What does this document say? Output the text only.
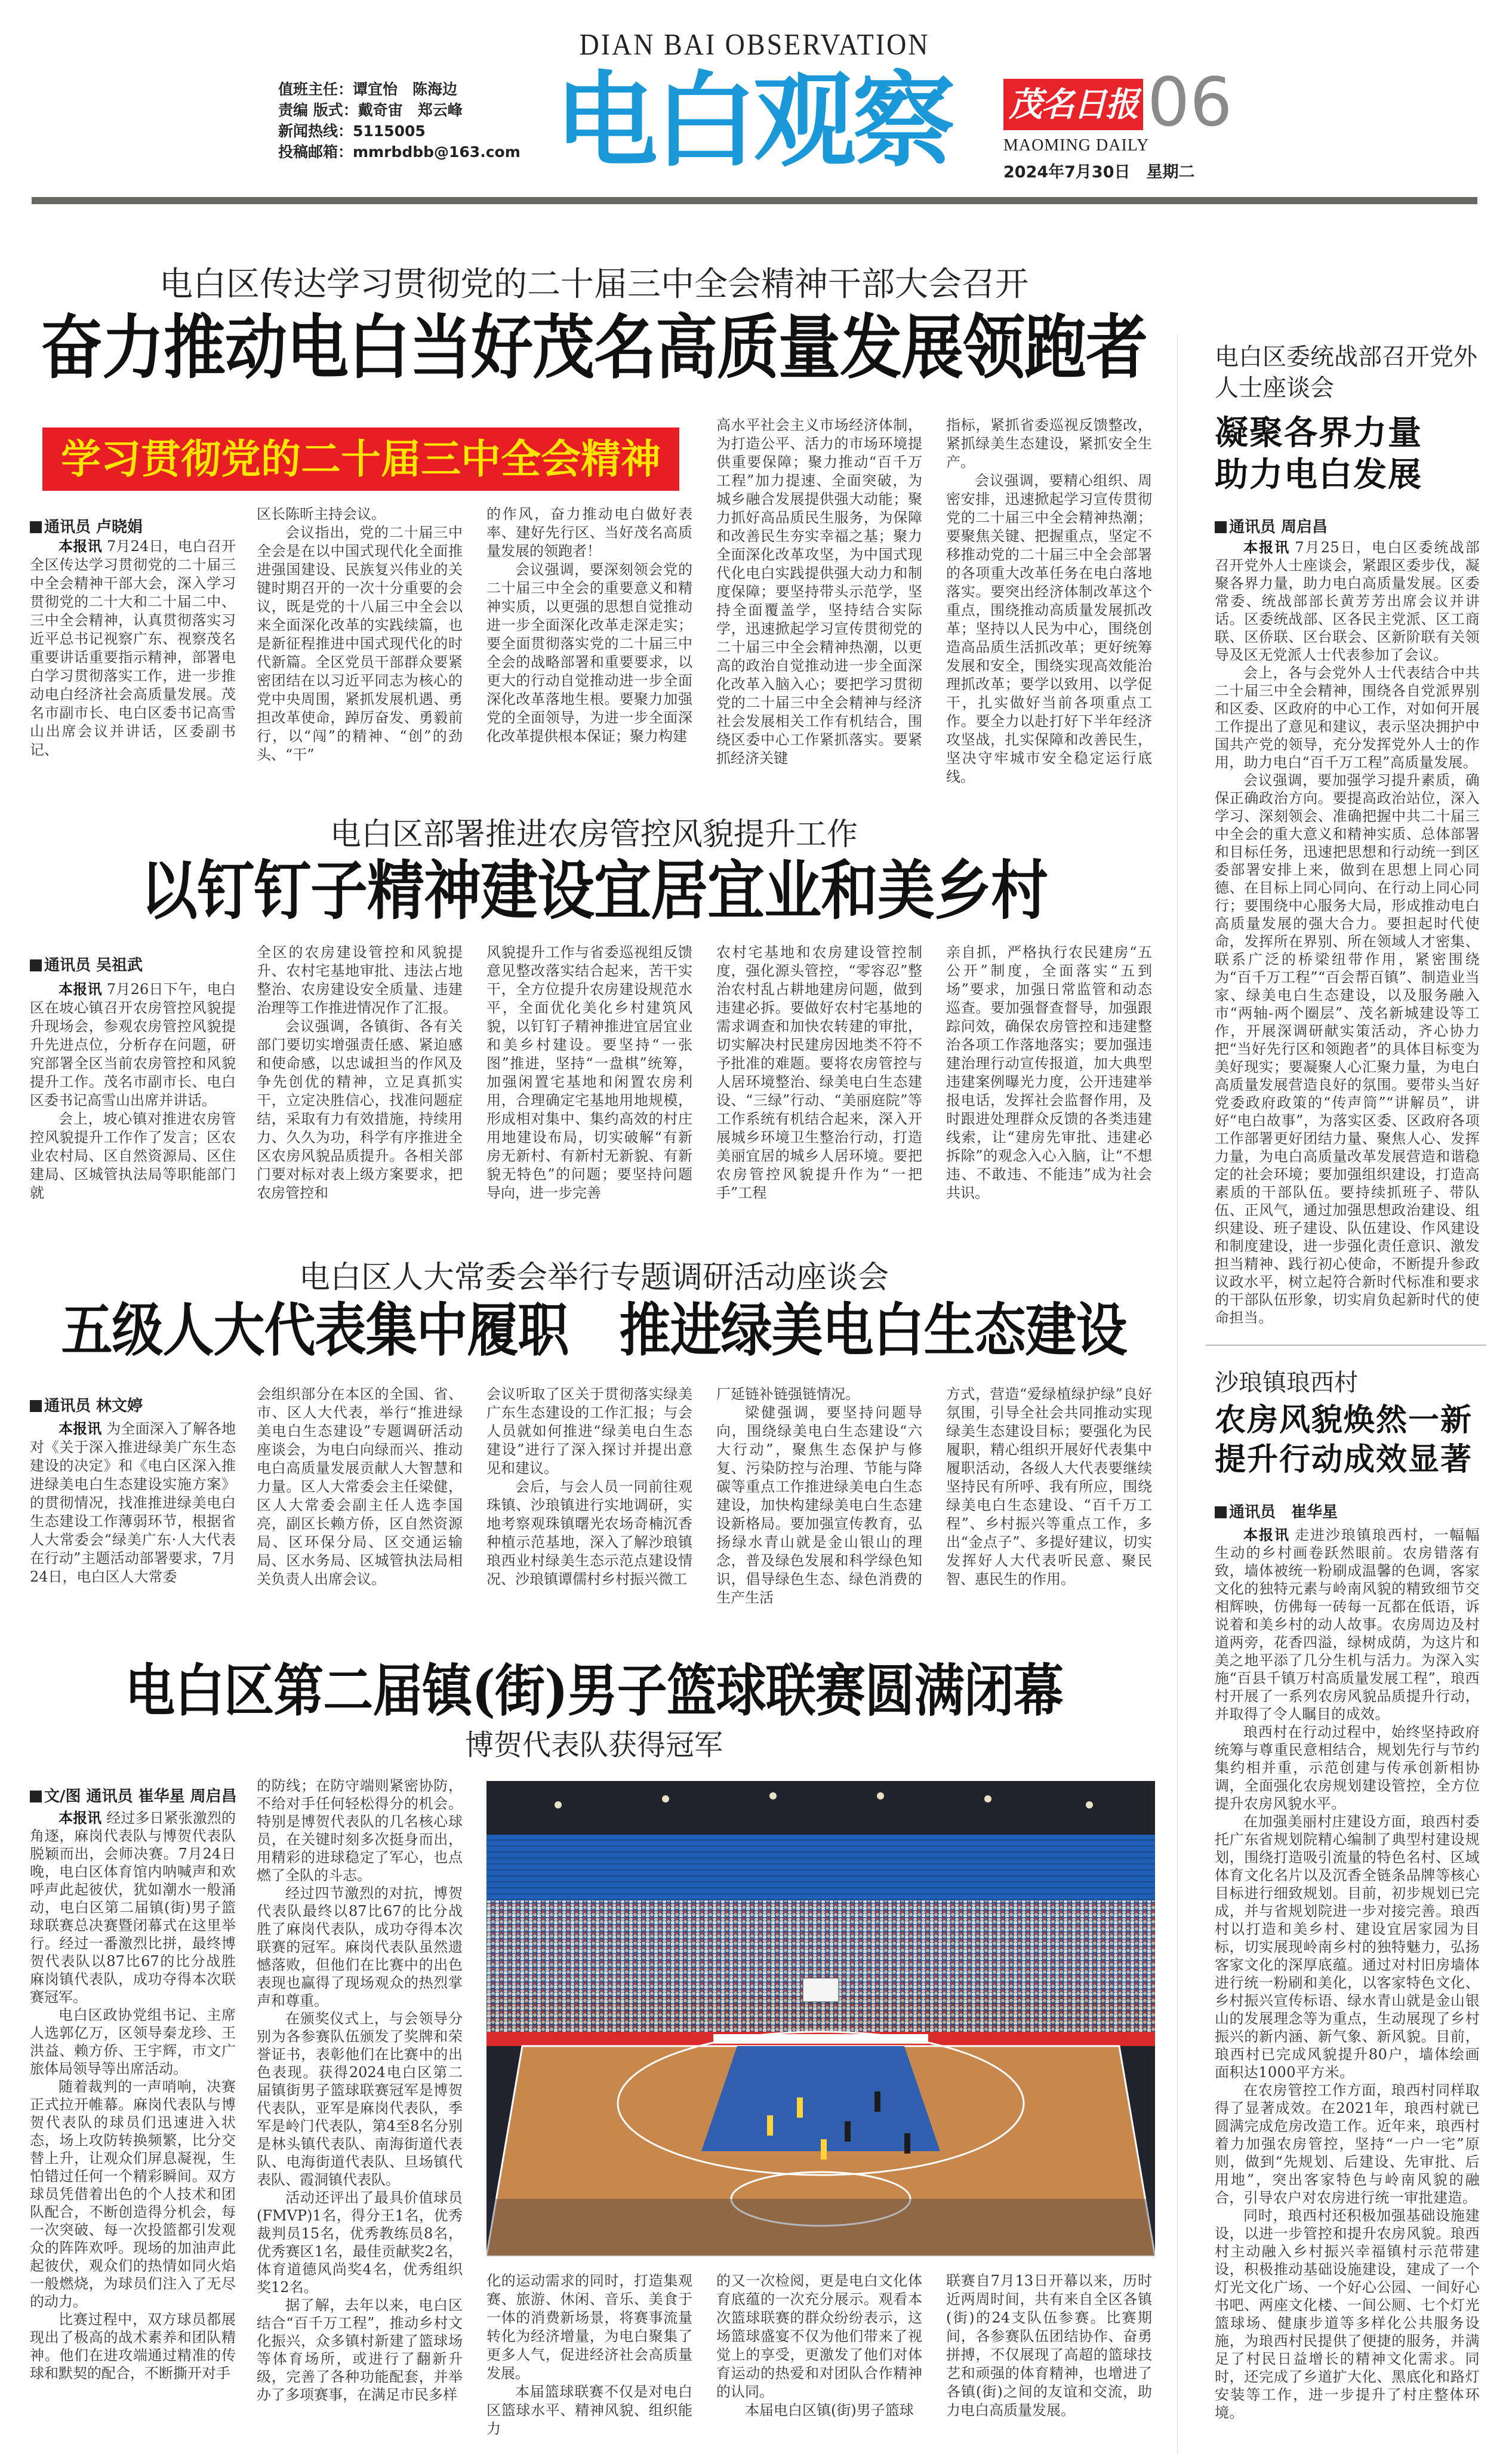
DIAN BAI OBSERVATION
值班主任：谭宜怡　陈海边
责编 版式：戴奇宙　郑云峰
新闻热线：5115005
投稿邮箱：mmrbdbb@163.com 电白观察 茂名日报 06
MAOMING DAILY
2024年7月30日　星期二
电白区传达学习贯彻党的二十届三中全会精神干部大会召开
奋力推动电白当好茂名高质量发展领跑者
学习贯彻党的二十届三中全会精神
通讯员 卢晓娟

本报讯 7月24日，电白召开全区传达学习贯彻党的二十届三中全会精神干部大会，深入学习贯彻党的二十大和二十届二中、三中全会精神，认真贯彻落实习近平总书记视察广东、视察茂名重要讲话重要指示精神，部署电白学习贯彻落实工作，进一步推动电白经济社会高质量发展。茂名市副市长、电白区委书记高雪山出席会议并讲话，区委副书记、

区长陈昕主持会议。

会议指出，党的二十届三中全会是在以中国式现代化全面推进强国建设、民族复兴伟业的关键时期召开的一次十分重要的会议，既是党的十八届三中全会以来全面深化改革的实践续篇，也是新征程推进中国式现代化的时代新篇。全区党员干部群众要紧密团结在以习近平同志为核心的党中央周围，紧抓发展机遇、勇担改革使命，踔厉奋发、勇毅前行，以“闯”的精神、“创”的劲头、“干”

的作风，奋力推动电白做好表率、建好先行区、当好茂名高质量发展的领跑者！

会议强调，要深刻领会党的二十届三中全会的重要意义和精神实质，以更强的思想自觉推动进一步全面深化改革走深走实；要全面贯彻落实党的二十届三中全会的战略部署和重要要求，以更大的行动自觉推动进一步全面深化改革落地生根。要聚力加强党的全面领导，为进一步全面深化改革提供根本保证；聚力构建

高水平社会主义市场经济体制，为打造公平、活力的市场环境提供重要保障；聚力推动“百千万工程”加力提速、全面突破，为城乡融合发展提供强大动能；聚力抓好高品质民生服务，为保障和改善民生夯实幸福之基；聚力全面深化改革攻坚，为中国式现代化电白实践提供强大动力和制度保障；要坚持带头示范学，坚持全面覆盖学，坚持结合实际学，迅速掀起学习宣传贯彻党的二十届三中全会精神热潮，以更高的政治自觉推动进一步全面深化改革入脑入心；要把学习贯彻党的二十届三中全会精神与经济社会发展相关工作有机结合，围绕区委中心工作紧抓落实。要紧抓经济关键

指标，紧抓省委巡视反馈整改，紧抓绿美生态建设，紧抓安全生产。

会议强调，要精心组织、周密安排，迅速掀起学习宣传贯彻党的二十届三中全会精神热潮；要聚焦关键、把握重点，坚定不移推动党的二十届三中全会部署的各项重大改革任务在电白落地落实。要突出经济体制改革这个重点，围绕推动高质量发展抓改革；坚持以人民为中心，围绕创造高品质生活抓改革；更好统筹发展和安全，围绕实现高效能治理抓改革；要学以致用、以学促干，扎实做好当前各项重点工作。要全力以赴打好下半年经济攻坚战，扎实保障和改善民生，坚决守牢城市安全稳定运行底线。

电白区部署推进农房管控风貌提升工作
以钉钉子精神建设宜居宜业和美乡村
通讯员 吴祖武

本报讯 7月26日下午，电白区在坡心镇召开农房管控风貌提升现场会，参观农房管控风貌提升先进点位，分析存在问题，研究部署全区当前农房管控和风貌提升工作。茂名市副市长、电白区委书记高雪山出席并讲话。

会上，坡心镇对推进农房管控风貌提升工作作了发言；区农业农村局、区自然资源局、区住建局、区城管执法局等职能部门就

全区的农房建设管控和风貌提升、农村宅基地审批、违法占地整治、农房建设安全质量、违建治理等工作推进情况作了汇报。

会议强调，各镇街、各有关部门要切实增强责任感、紧迫感和使命感，以忠诚担当的作风及争先创优的精神，立足真抓实干，立定决胜信心，找准问题症结，采取有力有效措施，持续用力、久久为功，科学有序推进全区农房风貌品质提升。各相关部门要对标对表上级方案要求，把农房管控和

风貌提升工作与省委巡视组反馈意见整改落实结合起来，苦干实干，全方位提升农房建设规范水平，全面优化美化乡村建筑风貌，以钉钉子精神推进宜居宜业和美乡村建设。要坚持“一张图”推进，坚持“一盘棋”统筹，加强闲置宅基地和闲置农房利用，合理确定宅基地用地规模，形成相对集中、集约高效的村庄用地建设布局，切实破解“有新房无新村、有新村无新貌、有新貌无特色”的问题；要坚持问题导向，进一步完善

农村宅基地和农房建设管控制度，强化源头管控，“零容忍”整治农村乱占耕地建房问题，做到违建必拆。要做好农村宅基地的需求调查和加快农转建的审批，切实解决村民建房因地类不符不予批准的难题。要将农房管控与人居环境整治、绿美电白生态建设、“三绿”行动、“美丽庭院”等工作系统有机结合起来，深入开展城乡环境卫生整治行动，打造美丽宜居的城乡人居环境。要把农房管控风貌提升作为“一把手”工程

亲自抓，严格执行农民建房“五公开”制度，全面落实“五到场”要求，加强日常监管和动态巡查。要加强督查督导，加强跟踪问效，确保农房管控和违建整治各项工作落地落实；要加强违建治理行动宣传报道，加大典型违建案例曝光力度，公开违建举报电话，发挥社会监督作用，及时跟进处理群众反馈的各类违建线索，让“建房先审批、违建必拆除”的观念入心入脑，让“不想违、不敢违、不能违”成为社会共识。

电白区人大常委会举行专题调研活动座谈会
五级人大代表集中履职　推进绿美电白生态建设
通讯员 林文婷

本报讯 为全面深入了解各地对《关于深入推进绿美广东生态建设的决定》和《电白区深入推进绿美电白生态建设实施方案》的贯彻情况，找准推进绿美电白生态建设工作薄弱环节，根据省人大常委会“绿美广东·人大代表在行动”主题活动部署要求，7月24日，电白区人大常委

会组织部分在本区的全国、省、市、区人大代表，举行“推进绿美电白生态建设”专题调研活动座谈会，为电白向绿而兴、推动电白高质量发展贡献人大智慧和力量。区人大常委会主任梁健，区人大常委会副主任人选李国亮，副区长赖方侨，区自然资源局、区环保分局、区交通运输局、区水务局、区城管执法局相关负责人出席会议。

会议听取了区关于贯彻落实绿美广东生态建设的工作汇报；与会人员就如何推进“绿美电白生态建设”进行了深入探讨并提出意见和建议。

会后，与会人员一同前往观珠镇、沙琅镇进行实地调研，实地考察观珠镇曙光农场奇楠沉香种植示范基地，深入了解沙琅镇琅西业村绿美生态示范点建设情况、沙琅镇谭儒村乡村振兴微工

厂延链补链强链情况。

梁健强调，要坚持问题导向，围绕绿美电白生态建设“六大行动”，聚焦生态保护与修复、污染防控与治理、节能与降碳等重点工作推进绿美电白生态建设，加快构建绿美电白生态建设新格局。要加强宣传教育，弘扬绿水青山就是金山银山的理念，普及绿色发展和科学绿色知识，倡导绿色生态、绿色消费的生产生活

方式，营造“爱绿植绿护绿”良好氛围，引导全社会共同推动实现绿美生态建设目标；要强化为民履职，精心组织开展好代表集中履职活动，各级人大代表要继续坚持民有所呼、我有所应，围绕绿美电白生态建设、“百千万工程”、乡村振兴等重点工作，多出“金点子”、多提好建议，切实发挥好人大代表听民意、聚民智、惠民生的作用。

电白区第二届镇(街)男子篮球联赛圆满闭幕
博贺代表队获得冠军
文/图 通讯员 崔华星 周启昌

本报讯 经过多日紧张激烈的角逐，麻岗代表队与博贺代表队脱颖而出，会师决赛。7月24日晚，电白区体育馆内呐喊声和欢呼声此起彼伏，犹如潮水一般涌动，电白区第二届镇(街)男子篮球联赛总决赛暨闭幕式在这里举行。经过一番激烈比拼，最终博贺代表队以87比67的比分战胜麻岗镇代表队，成功夺得本次联赛冠军。

电白区政协党组书记、主席人选郭亿万，区领导秦龙珍、王洪益、赖方侨、王宇辉，市文广旅体局领导等出席活动。

随着裁判的一声哨响，决赛正式拉开帷幕。麻岗代表队与博贺代表队的球员们迅速进入状态，场上攻防转换频繁，比分交替上升，让观众们屏息凝视，生怕错过任何一个精彩瞬间。双方球员凭借着出色的个人技术和团队配合，不断创造得分机会，每一次突破、每一次投篮都引发观众的阵阵欢呼。现场的加油声此起彼伏，观众们的热情如同火焰一般燃烧，为球员们注入了无尽的动力。

比赛过程中，双方球员都展现出了极高的战术素养和团队精神。他们在进攻端通过精准的传球和默契的配合，不断撕开对手

的防线；在防守端则紧密协防，不给对手任何轻松得分的机会。特别是博贺代表队的几名核心球员，在关键时刻多次挺身而出，用精彩的进球稳定了军心，也点燃了全队的斗志。

经过四节激烈的对抗，博贺代表队最终以87比67的比分战胜了麻岗代表队，成功夺得本次联赛的冠军。麻岗代表队虽然遗憾落败，但他们在比赛中的出色表现也赢得了现场观众的热烈掌声和尊重。

在颁奖仪式上，与会领导分别为各参赛队伍颁发了奖牌和荣誉证书，表彰他们在比赛中的出色表现。获得2024电白区第二届镇街男子篮球联赛冠军是博贺代表队，亚军是麻岗代表队，季军是岭门代表队，第4至8名分别是林头镇代表队、南海街道代表队、电海街道代表队、旦场镇代表队、霞洞镇代表队。

活动还评出了最具价值球员(FMVP)1名，得分王1名，优秀裁判员15名，优秀教练员8名，优秀赛区1名，最佳贡献奖2名，体育道德风尚奖4名，优秀组织奖12名。

据了解，去年以来，电白区结合“百千万工程”，推动乡村文化振兴，众多镇村新建了篮球场等体育场所，或进行了翻新升级，完善了各种功能配套，并举办了多项赛事，在满足市民多样

化的运动需求的同时，打造集观赛、旅游、休闲、音乐、美食于一体的消费新场景，将赛事流量转化为经济增量，为电白聚集了更多人气，促进经济社会高质量发展。

本届篮球联赛不仅是对电白区篮球水平、精神风貌、组织能力

的又一次检阅，更是电白文化体育底蕴的一次充分展示。观看本次篮球联赛的群众纷纷表示，这场篮球盛宴不仅为他们带来了视觉上的享受，更激发了他们对体育运动的热爱和对团队合作精神的认同。

本届电白区镇(街)男子篮球

联赛自7月13日开幕以来，历时近两周时间，共有来自全区各镇(街)的24支队伍参赛。比赛期间，各参赛队伍团结协作、奋勇拼搏，不仅展现了高超的篮球技艺和顽强的体育精神，也增进了各镇(街)之间的友谊和交流，助力电白高质量发展。

电白区委统战部召开党外人士座谈会
凝聚各界力量
助力电白发展
通讯员 周启昌

本报讯 7月25日，电白区委统战部召开党外人士座谈会，紧跟区委步伐，凝聚各界力量，助力电白高质量发展。区委常委、统战部部长黄芳芳出席会议并讲话。区委统战部、区各民主党派、区工商联、区侨联、区台联会、区新阶联有关领导及区无党派人士代表参加了会议。

会上，各与会党外人士代表结合中共二十届三中全会精神，围绕各自党派界别和区委、区政府的中心工作，对如何开展工作提出了意见和建议，表示坚决拥护中国共产党的领导，充分发挥党外人士的作用，助力电白“百千万工程”高质量发展。

会议强调，要加强学习提升素质，确保正确政治方向。要提高政治站位，深入学习、深刻领会、准确把握中共二十届三中全会的重大意义和精神实质、总体部署和目标任务，迅速把思想和行动统一到区委部署安排上来，做到在思想上同心同德、在目标上同心同向、在行动上同心同行；要围绕中心服务大局，形成推动电白高质量发展的强大合力。要担起时代使命，发挥所在界别、所在领域人才密集、联系广泛的桥梁纽带作用，紧密围绕为“百千万工程”“百会帮百镇”、制造业当家、绿美电白生态建设，以及服务融入市“两轴-两个圈层”、茂名新城建设等工作，开展深调研献实策活动，齐心协力把“当好先行区和领跑者”的具体目标变为美好现实；要凝聚人心汇聚力量，为电白高质量发展营造良好的氛围。要带头当好党委政府政策的“传声筒”“讲解员”，讲好“电白故事”，为落实区委、区政府各项工作部署更好团结力量、聚焦人心、发挥力量，为电白高质量改革发展营造和谐稳定的社会环境；要加强组织建设，打造高素质的干部队伍。要持续抓班子、带队伍、正风气，通过加强思想政治建设、组织建设、班子建设、队伍建设、作风建设和制度建设，进一步强化责任意识、激发担当精神、践行初心使命，不断提升参政议政水平，树立起符合新时代标准和要求的干部队伍形象，切实肩负起新时代的使命担当。

沙琅镇琅西村
农房风貌焕然一新
提升行动成效显著
通讯员　崔华星

本报讯 走进沙琅镇琅西村，一幅幅生动的乡村画卷跃然眼前。农房错落有致，墙体被统一粉刷成温馨的色调，客家文化的独特元素与岭南风貌的精致细节交相辉映，仿佛每一砖每一瓦都在低语，诉说着和美乡村的动人故事。农房周边及村道两旁，花香四溢，绿树成荫，为这片和美之地平添了几分生机与活力。为深入实施“百县千镇万村高质量发展工程”，琅西村开展了一系列农房风貌品质提升行动，并取得了令人瞩目的成效。

琅西村在行动过程中，始终坚持政府统筹与尊重民意相结合，规划先行与节约集约相并重，示范创建与传承创新相协调，全面强化农房规划建设管控，全方位提升农房风貌水平。

在加强美丽村庄建设方面，琅西村委托广东省规划院精心编制了典型村建设规划，围绕打造吸引流量的特色名村、区域体育文化名片以及沉香全链条品牌等核心目标进行细致规划。目前，初步规划已完成，并与省规划院进一步对接完善。琅西村以打造和美乡村、建设宜居家园为目标，切实展现岭南乡村的独特魅力，弘扬客家文化的深厚底蕴。通过对村旧房墙体进行统一粉刷和美化，以客家特色文化、乡村振兴宣传标语、绿水青山就是金山银山的发展理念等为重点，生动展现了乡村振兴的新内涵、新气象、新风貌。目前，琅西村已完成风貌提升80户，墙体绘画面积达1000平方米。

在农房管控工作方面，琅西村同样取得了显著成效。在2021年，琅西村就已圆满完成危房改造工作。近年来，琅西村着力加强农房管控，坚持“一户一宅”原则，做到“先规划、后建设、先审批、后用地”，突出客家特色与岭南风貌的融合，引导农户对农房进行统一审批建造。

同时，琅西村还积极加强基础设施建设，以进一步管控和提升农房风貌。琅西村主动融入乡村振兴幸福镇村示范带建设，积极推动基础设施建设，建成了一个灯光文化广场、一个好心公园、一间好心书吧、两座文化楼、一间公厕、七个灯光篮球场、健康步道等多样化公共服务设施，为琅西村民提供了便捷的服务，并满足了村民日益增长的精神文化需求。同时，还完成了乡道扩大化、黑底化和路灯安装等工作，进一步提升了村庄整体环境。
